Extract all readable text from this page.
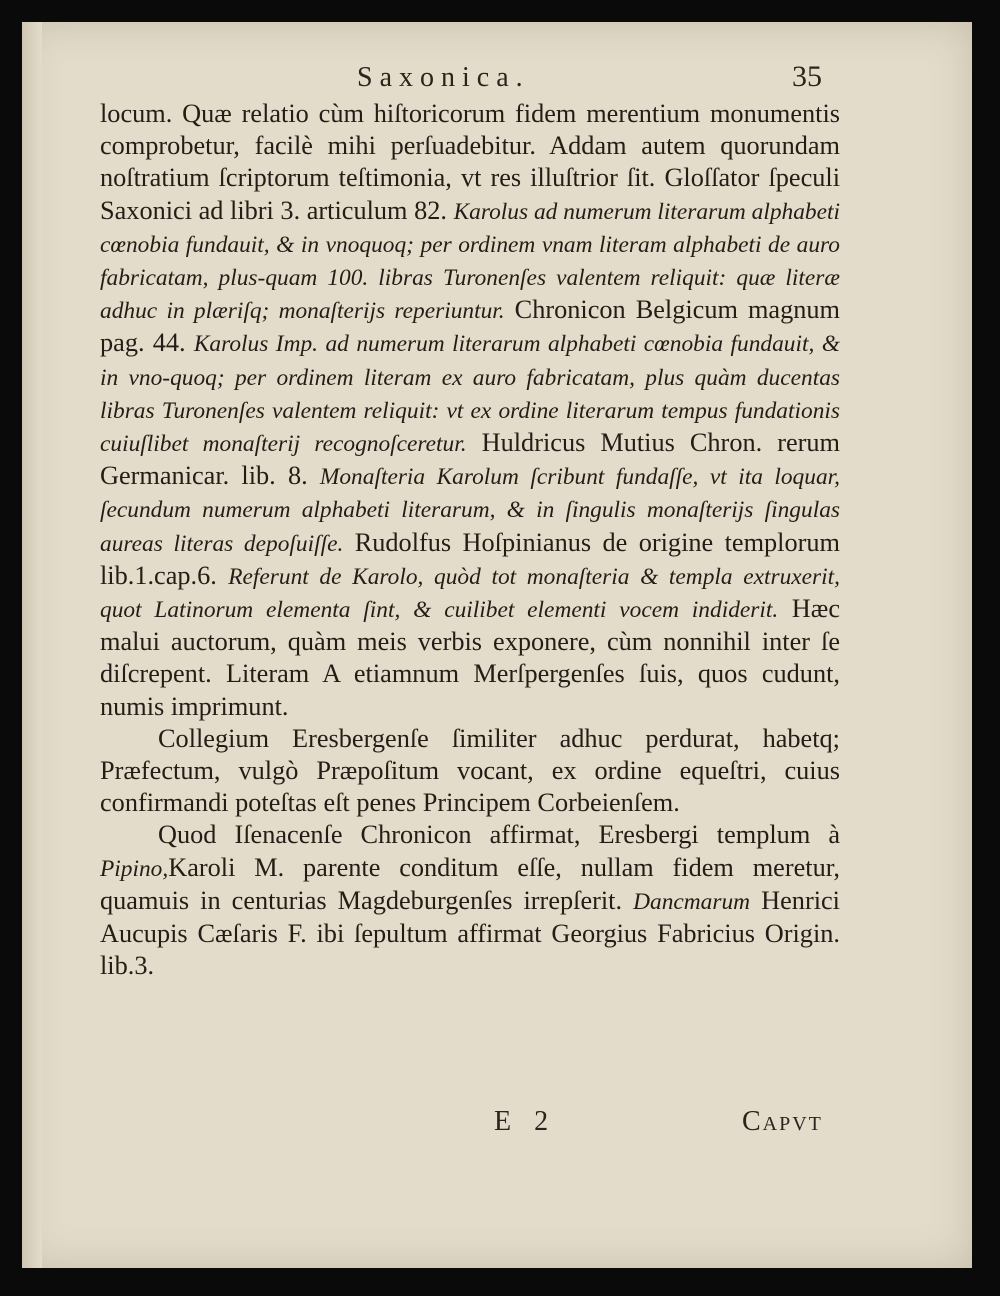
Saxonica.	35

locum. Quæ relatio cùm hiſtoricorum fidem merentium monumentis comprobetur, facilè mihi perſuadebitur. Addam autem quorundam noſtratium ſcriptorum teſtimonia, vt res illuſtrior ſit. Gloſſator ſpeculi Saxonici ad libri 3. articulum 82. Karolus ad numerum literarum alphabeti cœnobia fundauit, & in vnoquoq; per ordinem vnam literam alphabeti de auro fabricatam, plus-quam 100. libras Turonenſes valentem reliquit: quæ literæ adhuc in plæriſq; monaſterijs reperiuntur. Chronicon Belgicum magnum pag. 44. Karolus Imp. ad numerum literarum alphabeti cœnobia fundauit, & in vno-quoq; per ordinem literam ex auro fabricatam, plus quàm ducentas libras Turonenſes valentem reliquit: vt ex ordine literarum tempus fundationis cuiuſlibet monaſterij recognoſceretur. Huldricus Mutius Chron. rerum Germanicar. lib. 8. Monaſteria Karolum ſcribunt fundaſſe, vt ita loquar, ſecundum numerum alphabeti literarum, & in ſingulis monaſterijs ſingulas aureas literas depoſuiſſe. Rudolfus Hoſpinianus de origine templorum lib.1.cap.6. Referunt de Karolo, quòd tot monaſteria & templa extruxerit, quot Latinorum elementa ſint, & cuilibet elementi vocem indiderit. Hæc malui auctorum, quàm meis verbis exponere, cùm nonnihil inter ſe diſcrepent. Literam A etiamnum Merſpergenſes ſuis, quos cudunt, numis imprimunt.

Collegium Eresbergenſe ſimiliter adhuc perdurat, habetq; Præfectum, vulgò Præpoſitum vocant, ex ordine equeſtri, cuius confirmandi poteſtas eſt penes Principem Corbeienſem.

Quod Iſenacenſe Chronicon affirmat, Eresbergi templum à Pipino,Karoli M. parente conditum eſſe, nullam fidem meretur, quamuis in centurias Magdeburgenſes irrepſerit. Dancmarum Henrici Aucupis Cæſaris F. ibi ſepultum affirmat Georgius Fabricius Origin. lib.3.

E 2	Capvt
